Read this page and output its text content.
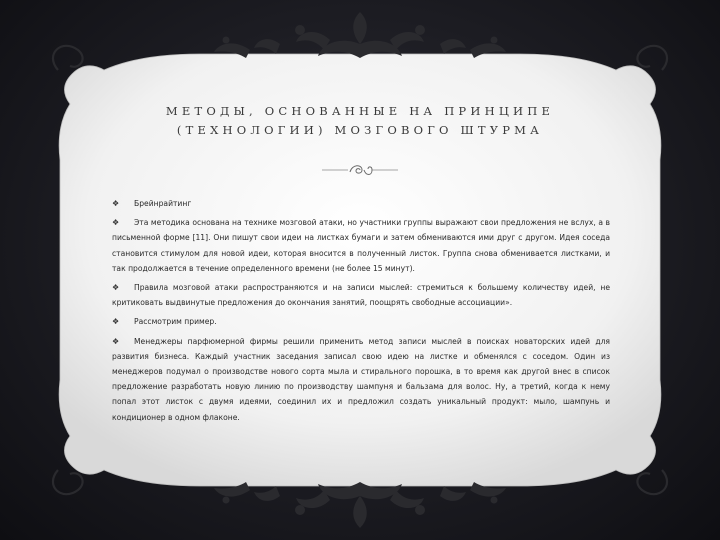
МЕТОДЫ, ОСНОВАННЫЕ НА ПРИНЦИПЕ
(ТЕХНОЛОГИИ) МОЗГОВОГО ШТУРМА
❖ Брейнрайтинг
❖ Эта методика основана на технике мозговой атаки, но участники группы выражают свои предложения не вслух, а в письменной форме [11]. Они пишут свои идеи на листках бумаги и затем обмениваются ими друг с другом. Идея соседа становится стимулом для новой идеи, которая вносится в полученный листок. Группа снова обменивается листками, и так продолжается в течение определенного времени (не более 15 минут).
❖ Правила мозговой атаки распространяются и на записи мыслей: стремиться к большему количеству идей, не критиковать выдвинутые предложения до окончания занятий, поощрять свободные ассоциации».
❖ Рассмотрим пример.
❖ Менеджеры парфюмерной фирмы решили применить метод записи мыслей в поисках новаторских идей для развития бизнеса. Каждый участник заседания записал свою идею на листке и обменялся с соседом. Один из менеджеров подумал о производстве нового сорта мыла и стирального порошка, в то время как другой внес в список предложение разработать новую линию по производству шампуня и бальзама для волос. Ну, а третий, когда к нему попал этот листок с двумя идеями, соединил их и предложил создать уникальный продукт: мыло, шампунь и кондиционер в одном флаконе.
